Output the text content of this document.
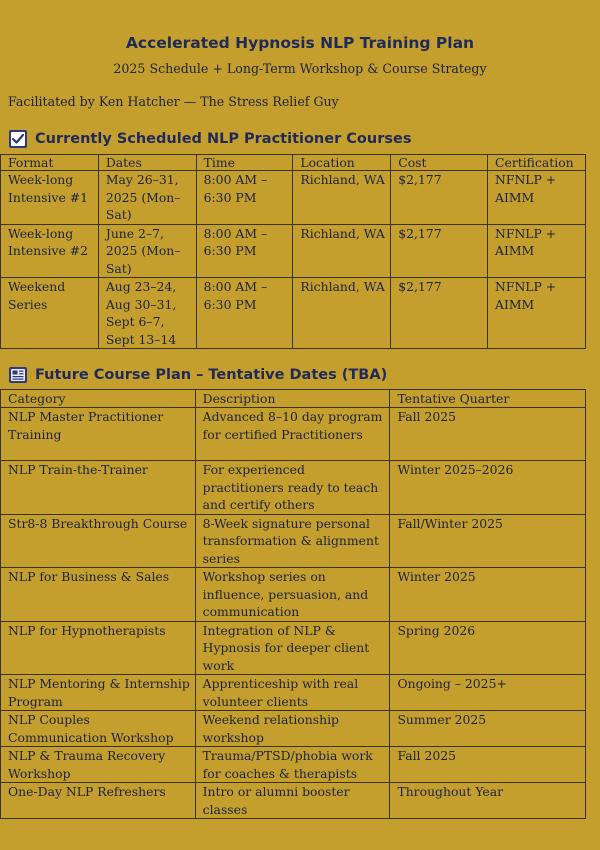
Accelerated Hypnosis NLP Training Plan
2025 Schedule + Long-Term Workshop & Course Strategy
Facilitated by Ken Hatcher — The Stress Relief Guy
Currently Scheduled NLP Practitioner Courses
Format	Dates	Time	Location	Cost	Certification
Week-long Intensive #1	May 26–31, 2025 (Mon–Sat)	8:00 AM – 6:30 PM	Richland, WA	$2,177	NFNLP + AIMM
Week-long Intensive #2	June 2–7, 2025 (Mon–Sat)	8:00 AM – 6:30 PM	Richland, WA	$2,177	NFNLP + AIMM
Weekend Series	Aug 23–24, Aug 30–31, Sept 6–7, Sept 13–14	8:00 AM – 6:30 PM	Richland, WA	$2,177	NFNLP + AIMM
Future Course Plan – Tentative Dates (TBA)
Category	Description	Tentative Quarter
NLP Master Practitioner Training	Advanced 8–10 day program for certified Practitioners	Fall 2025
NLP Train-the-Trainer	For experienced practitioners ready to teach and certify others	Winter 2025–2026
Str8-8 Breakthrough Course	8-Week signature personal transformation & alignment series	Fall/Winter 2025
NLP for Business & Sales	Workshop series on influence, persuasion, and communication	Winter 2025
NLP for Hypnotherapists	Integration of NLP & Hypnosis for deeper client work	Spring 2026
NLP Mentoring & Internship Program	Apprenticeship with real volunteer clients	Ongoing – 2025+
NLP Couples Communication Workshop	Weekend relationship workshop	Summer 2025
NLP & Trauma Recovery Workshop	Trauma/PTSD/phobia work for coaches & therapists	Fall 2025
One-Day NLP Refreshers	Intro or alumni booster classes	Throughout Year
